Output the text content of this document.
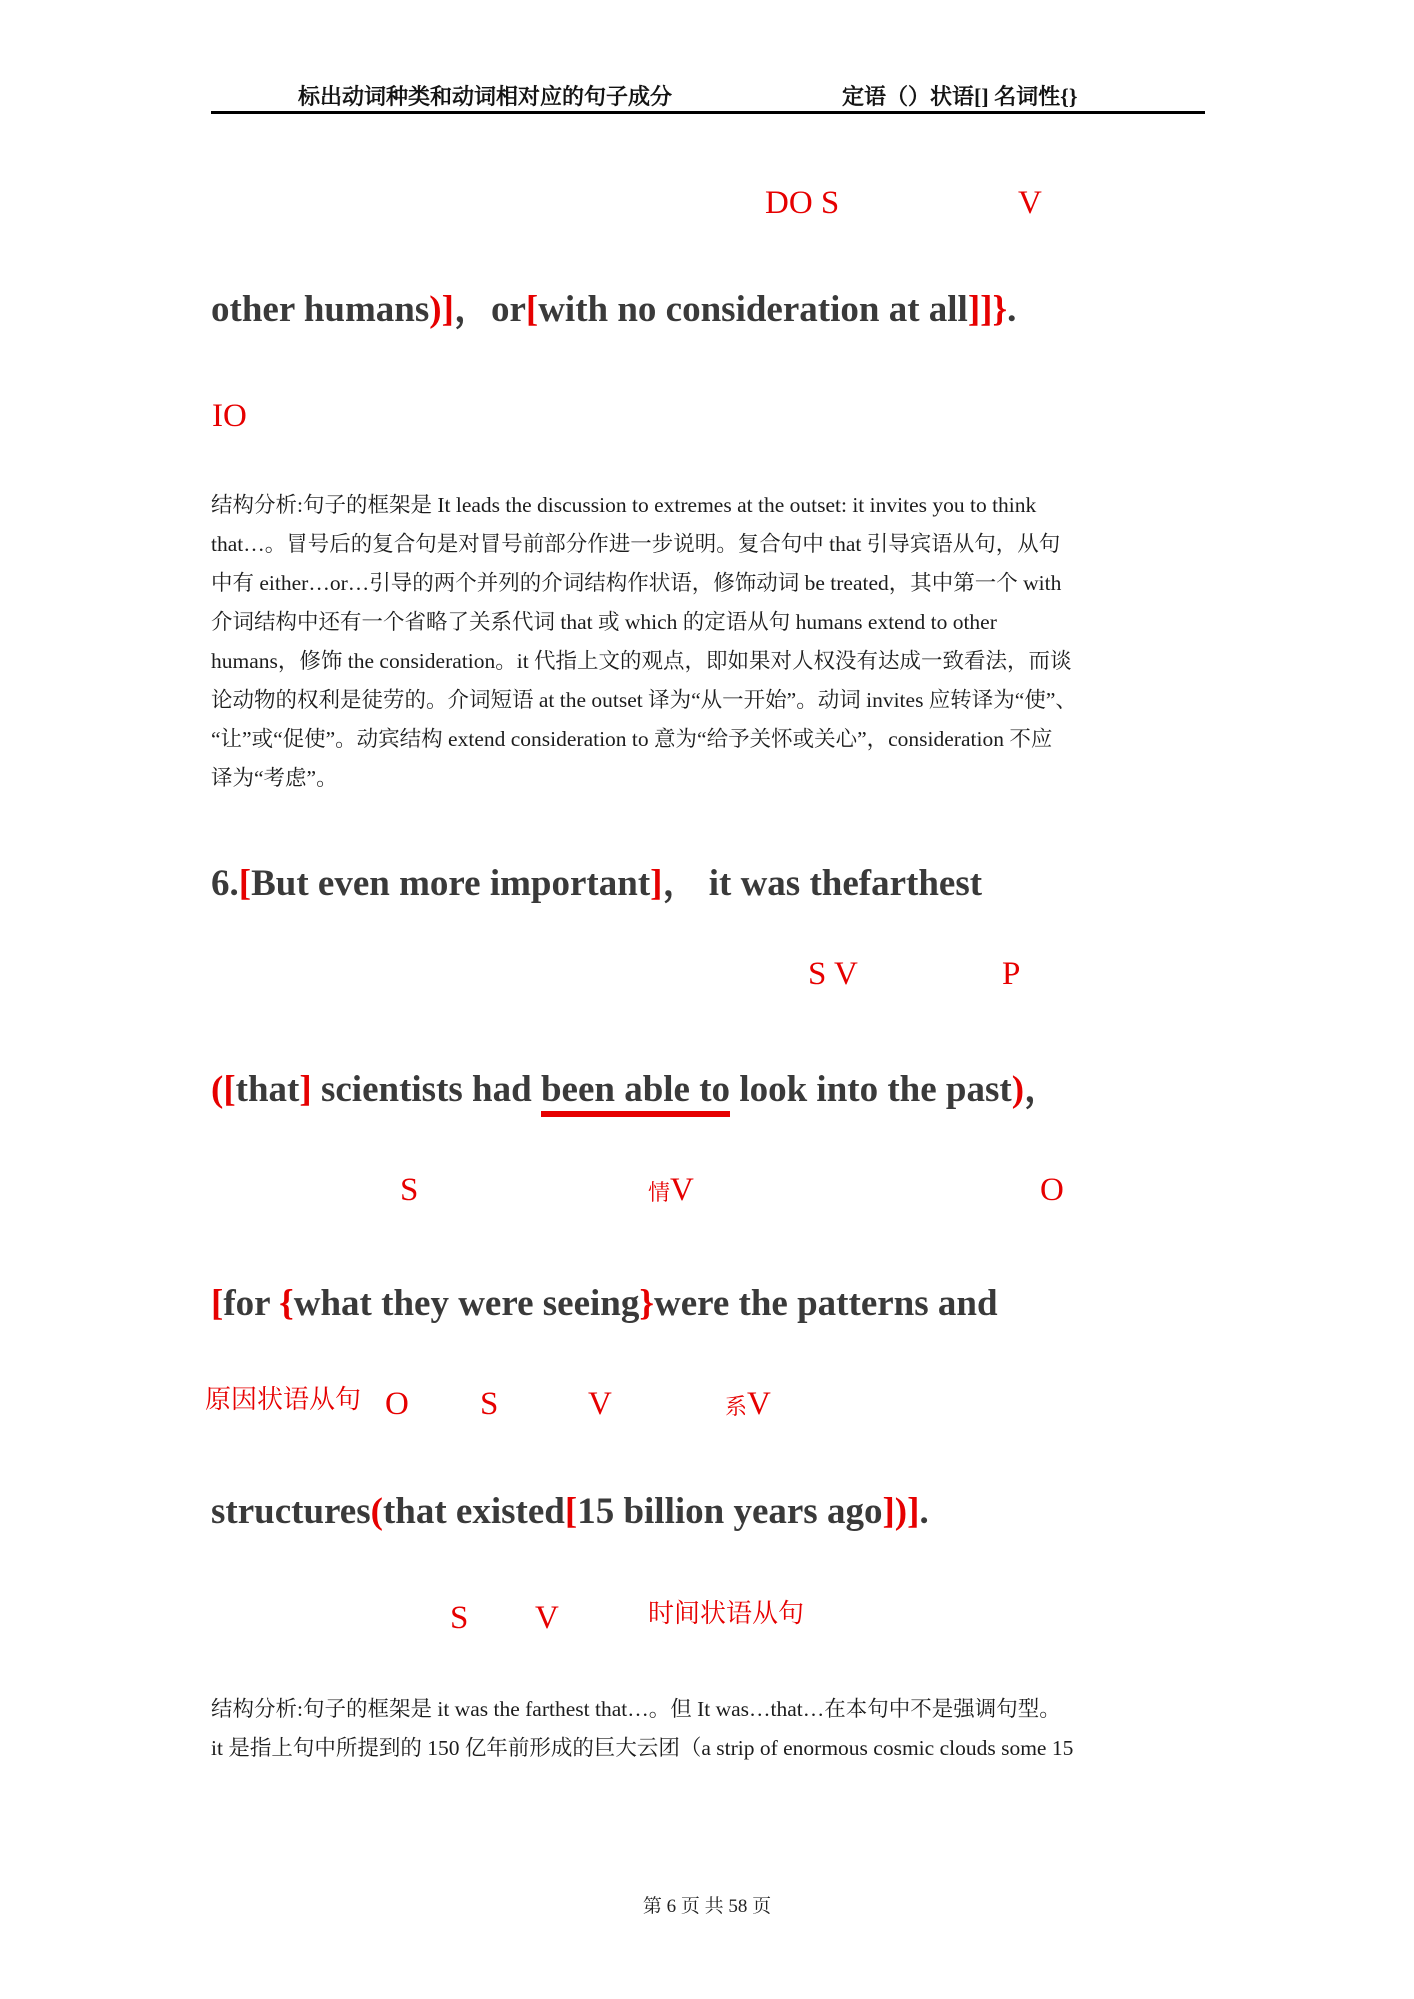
标出动词种类和动词相对应的句子成分	定语（）状语[] 名词性{}
DO S	V
other humans)]，or[with no consideration at all]]}.
IO
结构分析:句子的框架是 It leads the discussion to extremes at the outset: it invites you to think
that…。冒号后的复合句是对冒号前部分作进一步说明。复合句中 that 引导宾语从句，从句
中有 either…or…引导的两个并列的介词结构作状语，修饰动词 be treated，其中第一个 with
介词结构中还有一个省略了关系代词 that 或 which 的定语从句 humans extend to other
humans，修饰 the consideration。it 代指上文的观点，即如果对人权没有达成一致看法，而谈
论动物的权利是徒劳的。介词短语 at the outset 译为“从一开始”。动词 invites 应转译为“使”、
“让”或“促使”。动宾结构 extend consideration to 意为“给予关怀或关心”，consideration 不应
译为“考虑”。
6.[But even more important]， it was thefarthest
S V	P
([that] scientists had been able to look into the past)，
S	情V	O
[for {what they were seeing}were the patterns and
原因状语从句 O S	V	系V
structures(that existed[15 billion years ago])].
S V	时间状语从句
结构分析:句子的框架是 it was the farthest that…。但 It was…that…在本句中不是强调句型。
it 是指上句中所提到的 150 亿年前形成的巨大云团（a strip of enormous cosmic clouds some 15
第 6 页 共 58 页
